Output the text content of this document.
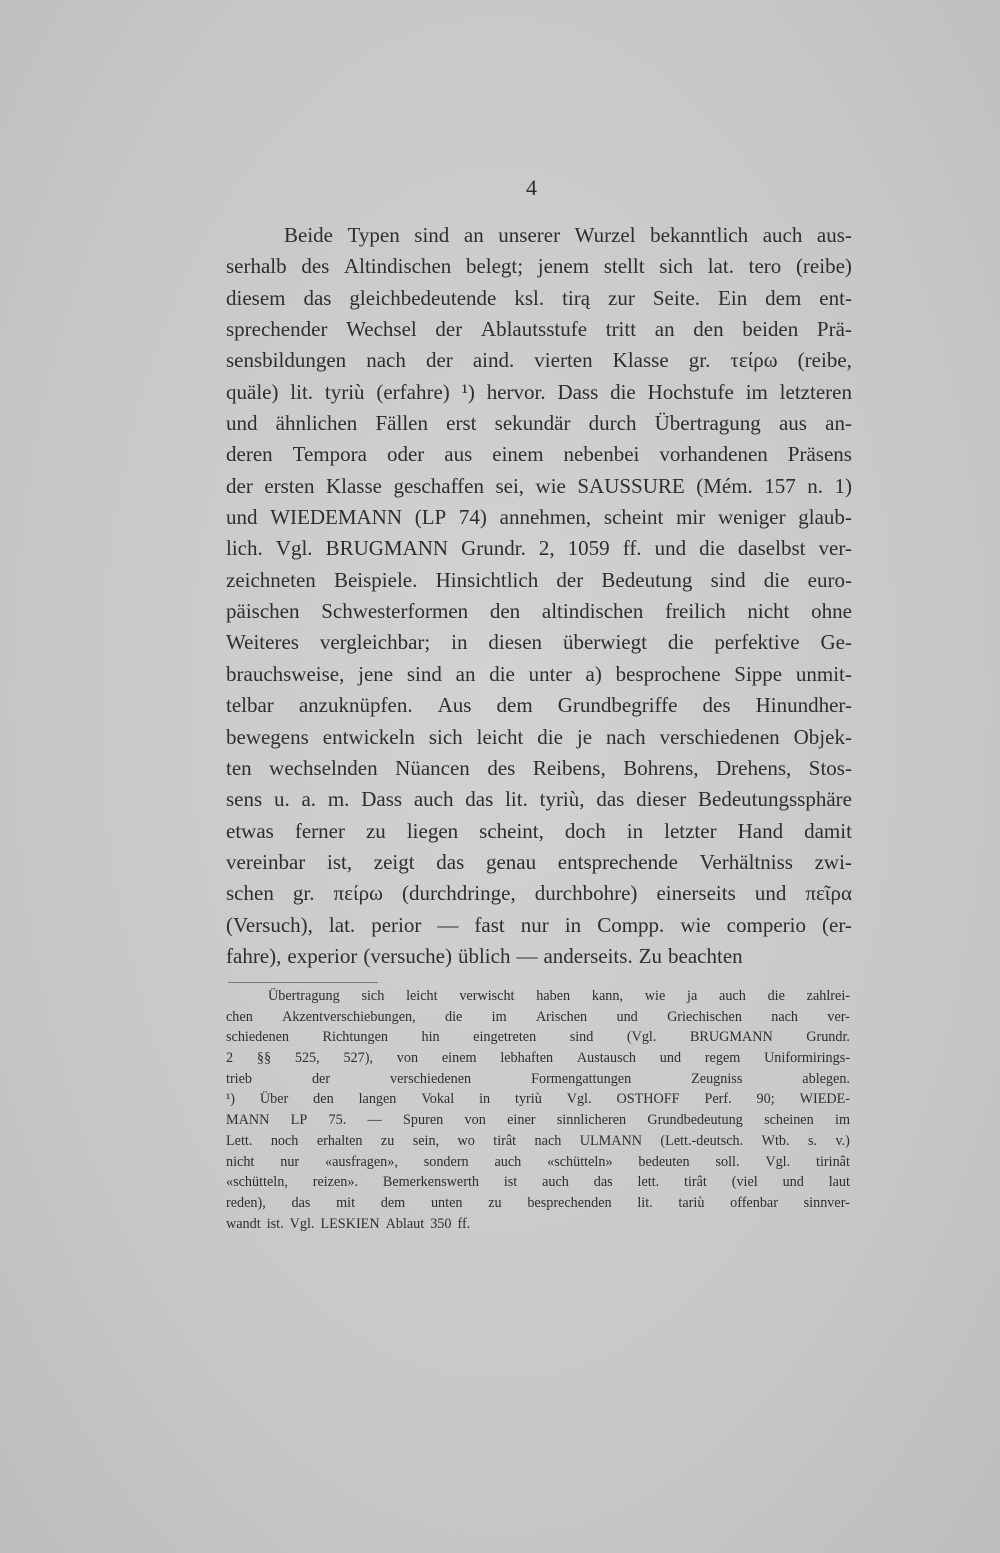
4
Beide Typen sind an unserer Wurzel bekanntlich auch aus-
serhalb des Altindischen belegt; jenem stellt sich lat. tero (reibe)
diesem das gleichbedeutende ksl. tirą zur Seite. Ein dem ent-
sprechender Wechsel der Ablautsstufe tritt an den beiden Prä-
sensbildungen nach der aind. vierten Klasse gr. τείρω (reibe,
quäle) lit. tyriù (erfahre) ¹) hervor. Dass die Hochstufe im letzteren
und ähnlichen Fällen erst sekundär durch Übertragung aus an-
deren Tempora oder aus einem nebenbei vorhandenen Präsens
der ersten Klasse geschaffen sei, wie SAUSSURE (Mém. 157 n. 1)
und WIEDEMANN (LP 74) annehmen, scheint mir weniger glaub-
lich. Vgl. BRUGMANN Grundr. 2, 1059 ff. und die daselbst ver-
zeichneten Beispiele. Hinsichtlich der Bedeutung sind die euro-
päischen Schwesterformen den altindischen freilich nicht ohne
Weiteres vergleichbar; in diesen überwiegt die perfektive Ge-
brauchsweise, jene sind an die unter a) besprochene Sippe unmit-
telbar anzuknüpfen. Aus dem Grundbegriffe des Hinundher-
bewegens entwickeln sich leicht die je nach verschiedenen Objek-
ten wechselnden Nüancen des Reibens, Bohrens, Drehens, Stos-
sens u. a. m. Dass auch das lit. tyriù, das dieser Bedeutungssphäre
etwas ferner zu liegen scheint, doch in letzter Hand damit
vereinbar ist, zeigt das genau entsprechende Verhältniss zwi-
schen gr. πείρω (durchdringe, durchbohre) einerseits und πεῖρα
(Versuch), lat. perior — fast nur in Compp. wie comperio (er-
fahre), experior (versuche) üblich — anderseits. Zu beachten
Übertragung sich leicht verwischt haben kann, wie ja auch die zahlrei-
chen Akzentverschiebungen, die im Arischen und Griechischen nach ver-
schiedenen Richtungen hin eingetreten sind (Vgl. BRUGMANN Grundr.
2 §§ 525, 527), von einem lebhaften Austausch und regem Uniformirings-
trieb	der	verschiedenen	Formengattungen	Zeugniss	ablegen.
¹) Über den langen Vokal in tyriù Vgl. OSTHOFF Perf. 90; WIEDE-
MANN LP 75. — Spuren von einer sinnlicheren Grundbedeutung scheinen im
Lett. noch erhalten zu sein, wo tirât nach ULMANN (Lett.-deutsch. Wtb. s. v.)
nicht nur «ausfragen», sondern auch «schütteln» bedeuten soll. Vgl. tirinât
«schütteln, reizen». Bemerkenswerth ist auch das lett. tirât (viel und laut
reden), das mit dem unten zu besprechenden lit. tariù offenbar sinnver-
wandt ist. Vgl. LESKIEN Ablaut 350 ff.
